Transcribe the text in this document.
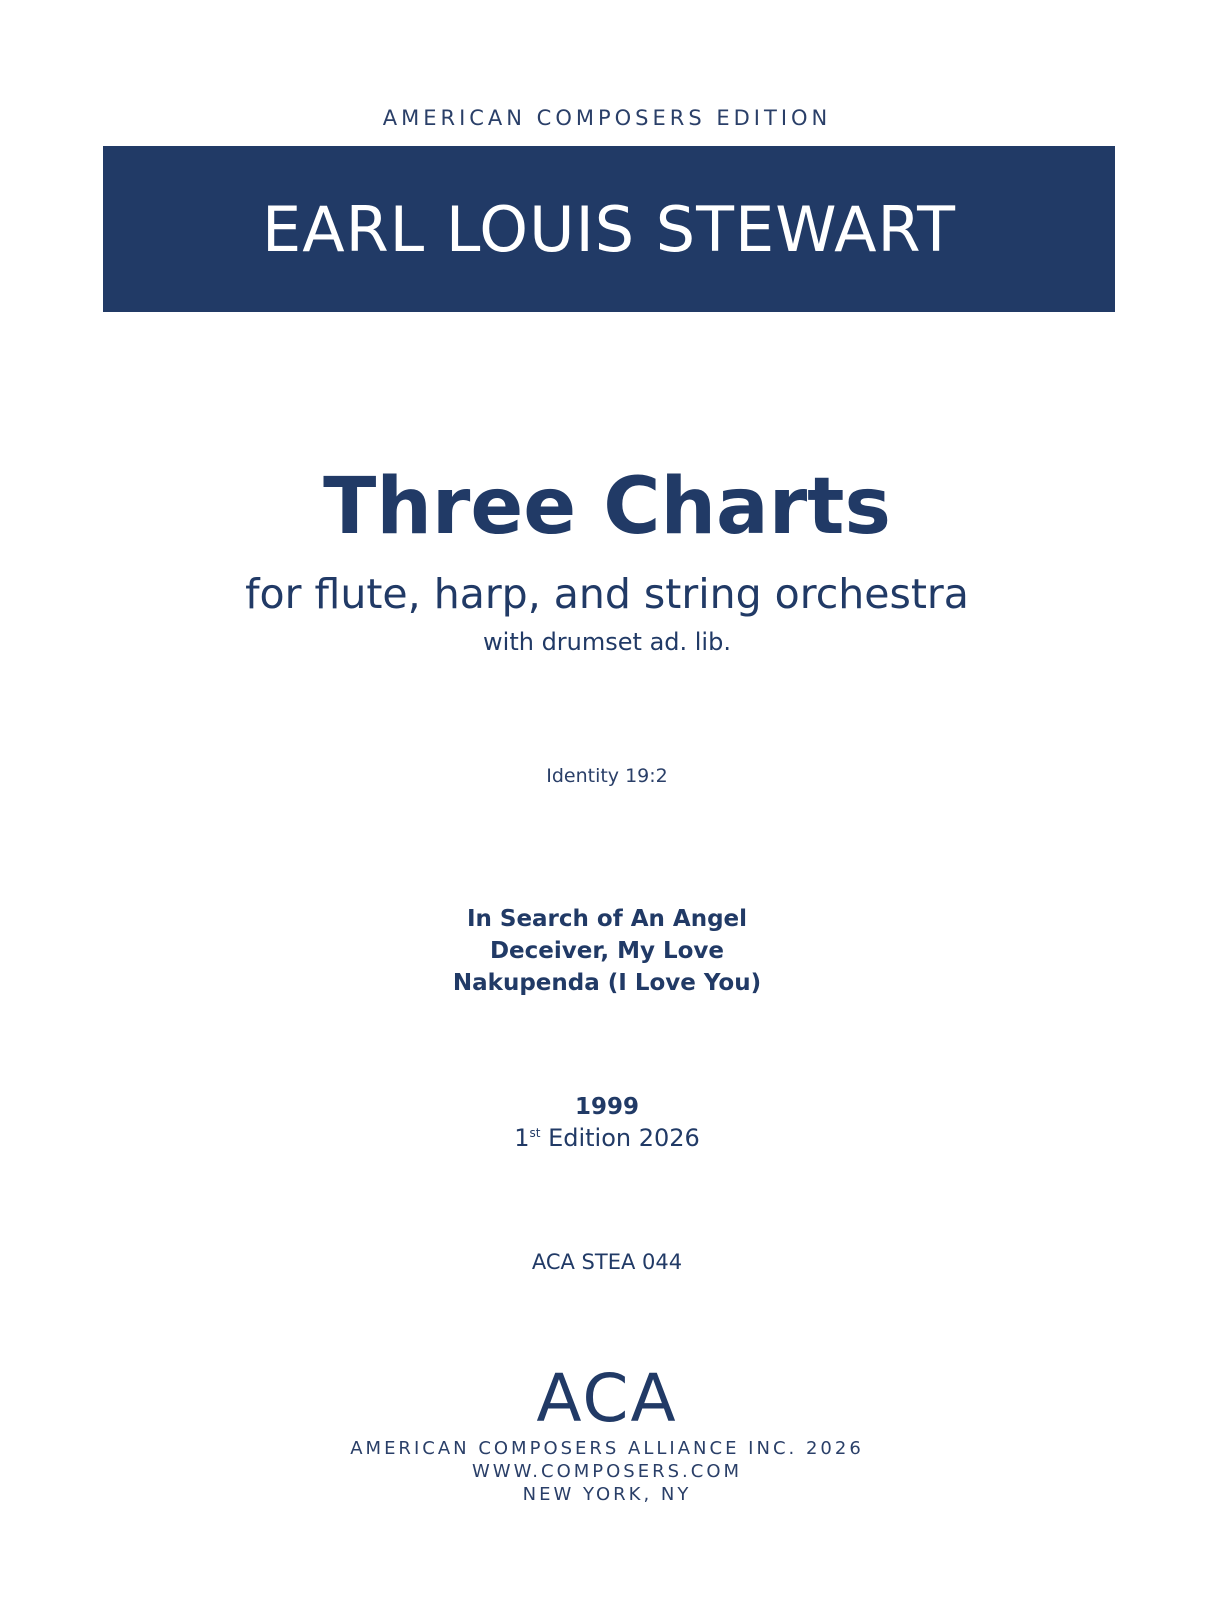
AMERICAN COMPOSERS EDITION
EARL LOUIS STEWART
Three Charts
for flute, harp, and string orchestra
with drumset ad. lib.
Identity 19:2
In Search of An Angel
Deceiver, My Love
Nakupenda (I Love You)
1999
1st Edition 2026
ACA STEA 044
ACA
AMERICAN COMPOSERS ALLIANCE INC. 2026
WWW.COMPOSERS.COM
NEW YORK, NY
